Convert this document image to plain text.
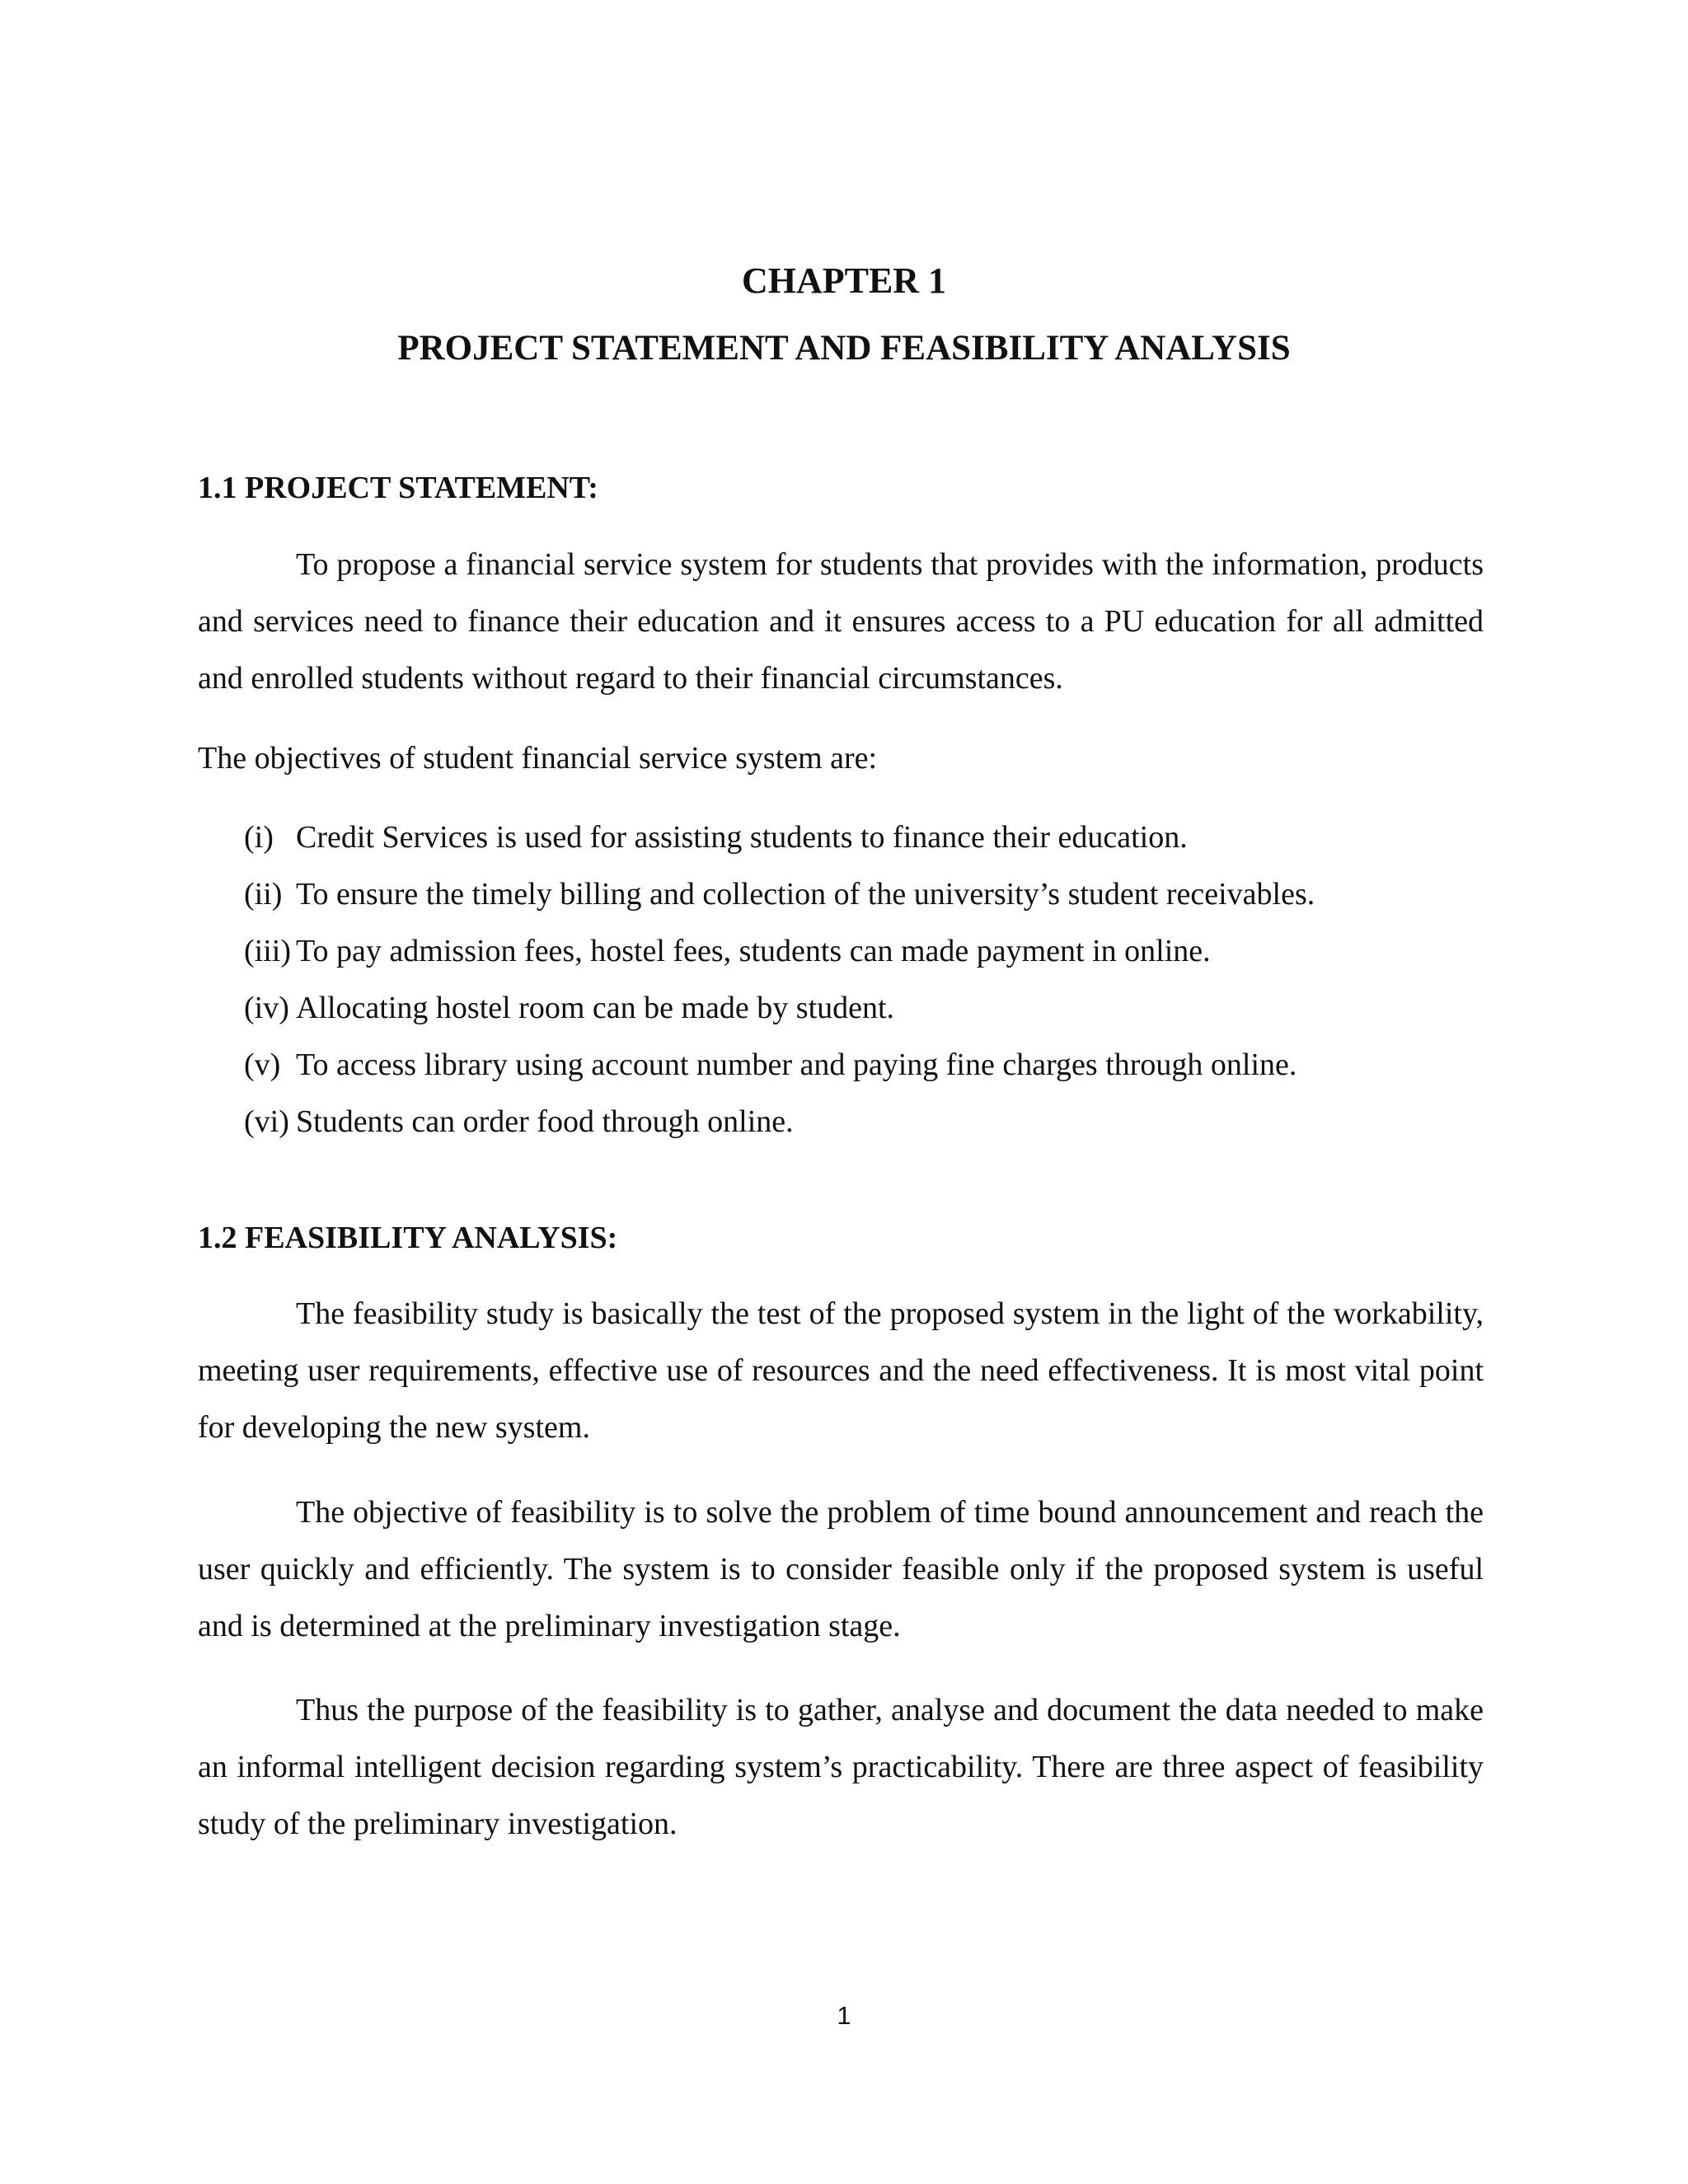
CHAPTER 1
PROJECT STATEMENT AND FEASIBILITY ANALYSIS
1.1 PROJECT STATEMENT:
To propose a financial service system for students that provides with the information, products and services need to finance their education and it ensures access to a PU education for all admitted and enrolled students without regard to their financial circumstances.
The objectives of student financial service system are:
(i) Credit Services is used for assisting students to finance their education.
(ii) To ensure the timely billing and collection of the university’s student receivables.
(iii) To pay admission fees, hostel fees, students can made payment in online.
(iv) Allocating hostel room can be made by student.
(v) To access library using account number and paying fine charges through online.
(vi) Students can order food through online.
1.2 FEASIBILITY ANALYSIS:
The feasibility study is basically the test of the proposed system in the light of the workability, meeting user requirements, effective use of resources and the need effectiveness. It is most vital point for developing the new system.
The objective of feasibility is to solve the problem of time bound announcement and reach the user quickly and efficiently. The system is to consider feasible only if the proposed system is useful and is determined at the preliminary investigation stage.
Thus the purpose of the feasibility is to gather, analyse and document the data needed to make an informal intelligent decision regarding system’s practicability. There are three aspect of feasibility study of the preliminary investigation.
1
